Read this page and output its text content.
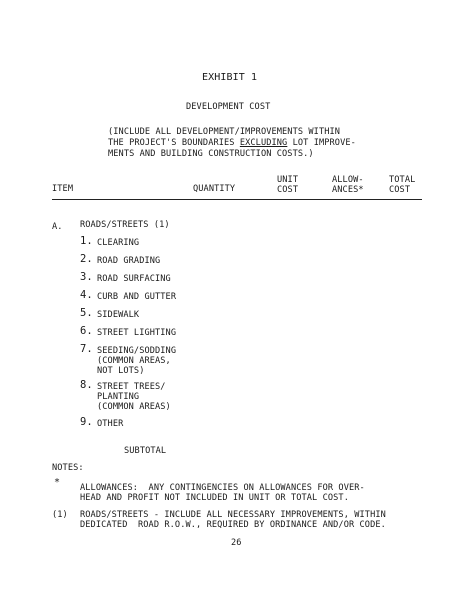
EXHIBIT 1
DEVELOPMENT COST
(INCLUDE ALL DEVELOPMENT/IMPROVEMENTS WITHIN
THE PROJECT'S BOUNDARIES EXCLUDING LOT IMPROVE-
MENTS AND BUILDING CONSTRUCTION COSTS.)
ITEM	QUANTITY
UNIT
COST
ALLOW-
ANCES*
TOTAL
COST
A. ROADS/STREETS (1)
1. CLEARING
2. ROAD GRADING
3. ROAD SURFACING
4. CURB AND GUTTER
5. SIDEWALK
6. STREET LIGHTING
7. SEEDING/SODDING
(COMMON AREAS,
NOT LOTS)
8. STREET TREES/
PLANTING
(COMMON AREAS)
9. OTHER
SUBTOTAL
NOTES:
* ALLOWANCES:  ANY CONTINGENCIES ON ALLOWANCES FOR OVER-
HEAD AND PROFIT NOT INCLUDED IN UNIT OR TOTAL COST.
(1) ROADS/STREETS - INCLUDE ALL NECESSARY IMPROVEMENTS, WITHIN
DEDICATED  ROAD R.O.W., REQUIRED BY ORDINANCE AND/OR CODE.
26
